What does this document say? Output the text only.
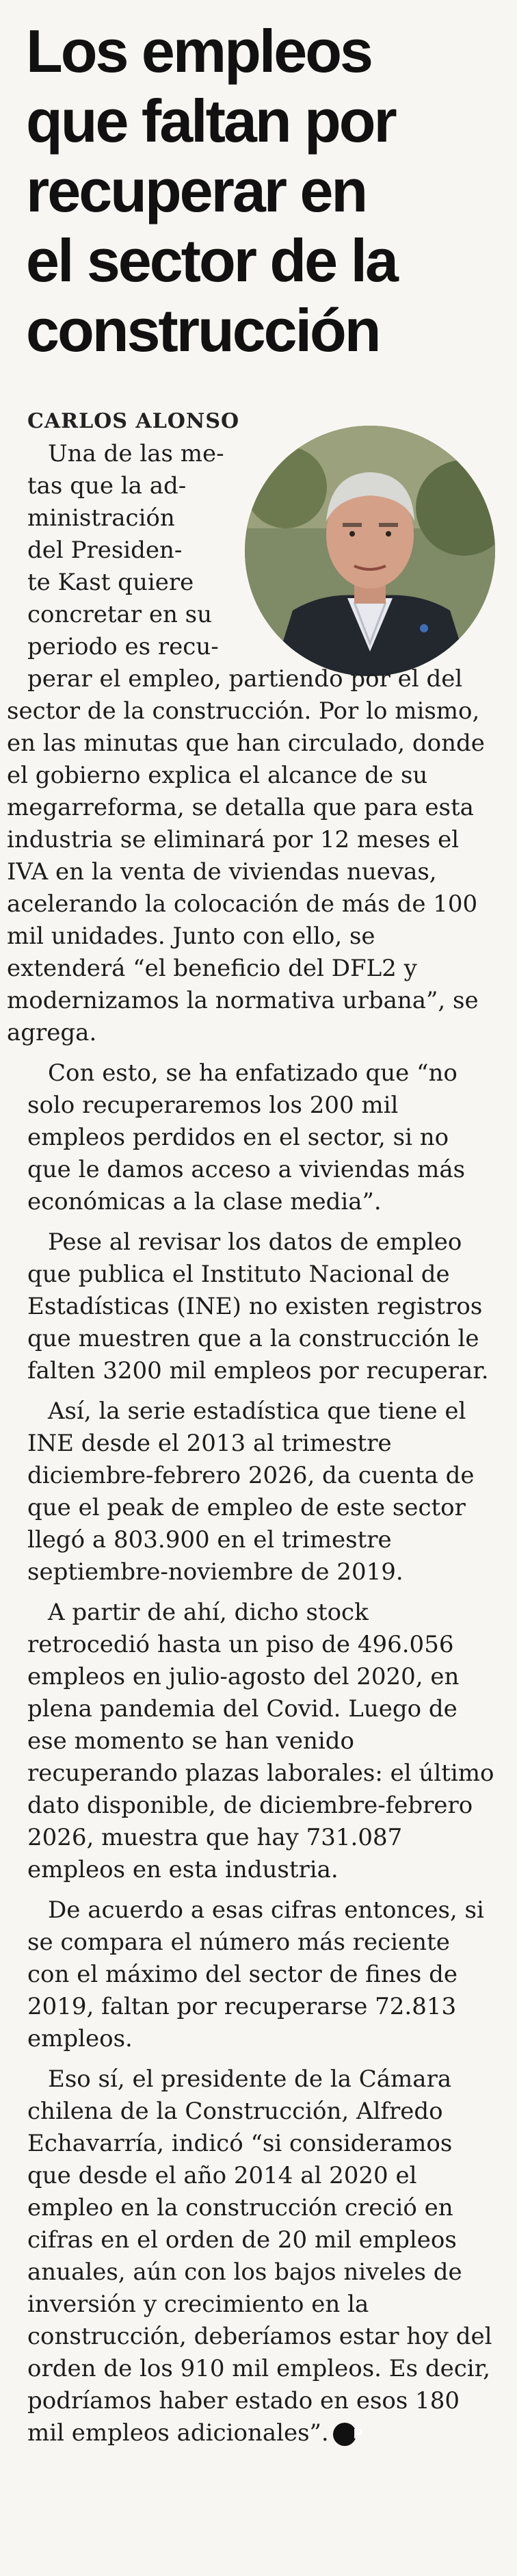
Los empleos
que faltan por
recuperar en
el sector de la
construcción

CARLOS ALONSO

Una de las me-
tas que la ad-
ministración
del Presiden-
te Kast quiere
concretar en su
periodo es recu-
perar el empleo, partiendo por el del sector de la construcción. Por lo mismo, en las minutas que han circulado, donde el gobierno explica el alcance de su megarreforma, se detalla que para esta industria se eliminará por 12 meses el IVA en la venta de viviendas nuevas, acelerando la colocación de más de 100 mil unidades. Junto con ello, se extenderá “el beneficio del DFL2 y modernizamos la normativa urbana”, se agrega.

Con esto, se ha enfatizado que “no solo recuperaremos los 200 mil empleos perdidos en el sector, si no que le damos acceso a viviendas más económicas a la clase media”.

Pese al revisar los datos de empleo que publica el Instituto Nacional de Estadísticas (INE) no existen registros que muestren que a la construcción le falten 3200 mil empleos por recuperar.

Así, la serie estadística que tiene el INE desde el 2013 al trimestre diciembre-febrero 2026, da cuenta de que el peak de empleo de este sector llegó a 803.900 en el trimestre septiembre-noviembre de 2019.

A partir de ahí, dicho stock retrocedió hasta un piso de 496.056 empleos en julio-agosto del 2020, en plena pandemia del Covid. Luego de ese momento se han venido recuperando plazas laborales: el último dato disponible, de diciembre-febrero 2026, muestra que hay 731.087 empleos en esta industria.

De acuerdo a esas cifras entonces, si se compara el número más reciente con el máximo del sector de fines de 2019, faltan por recuperarse 72.813 empleos.

Eso sí, el presidente de la Cámara chilena de la Construcción, Alfredo Echavarría, indicó “si consideramos que desde el año 2014 al 2020 el empleo en la construcción creció en cifras en el orden de 20 mil empleos anuales, aún con los bajos niveles de inversión y crecimiento en la construcción, deberíamos estar hoy del orden de los 910 mil empleos. Es decir, podríamos haber estado en esos 180 mil empleos adicionales”. P
